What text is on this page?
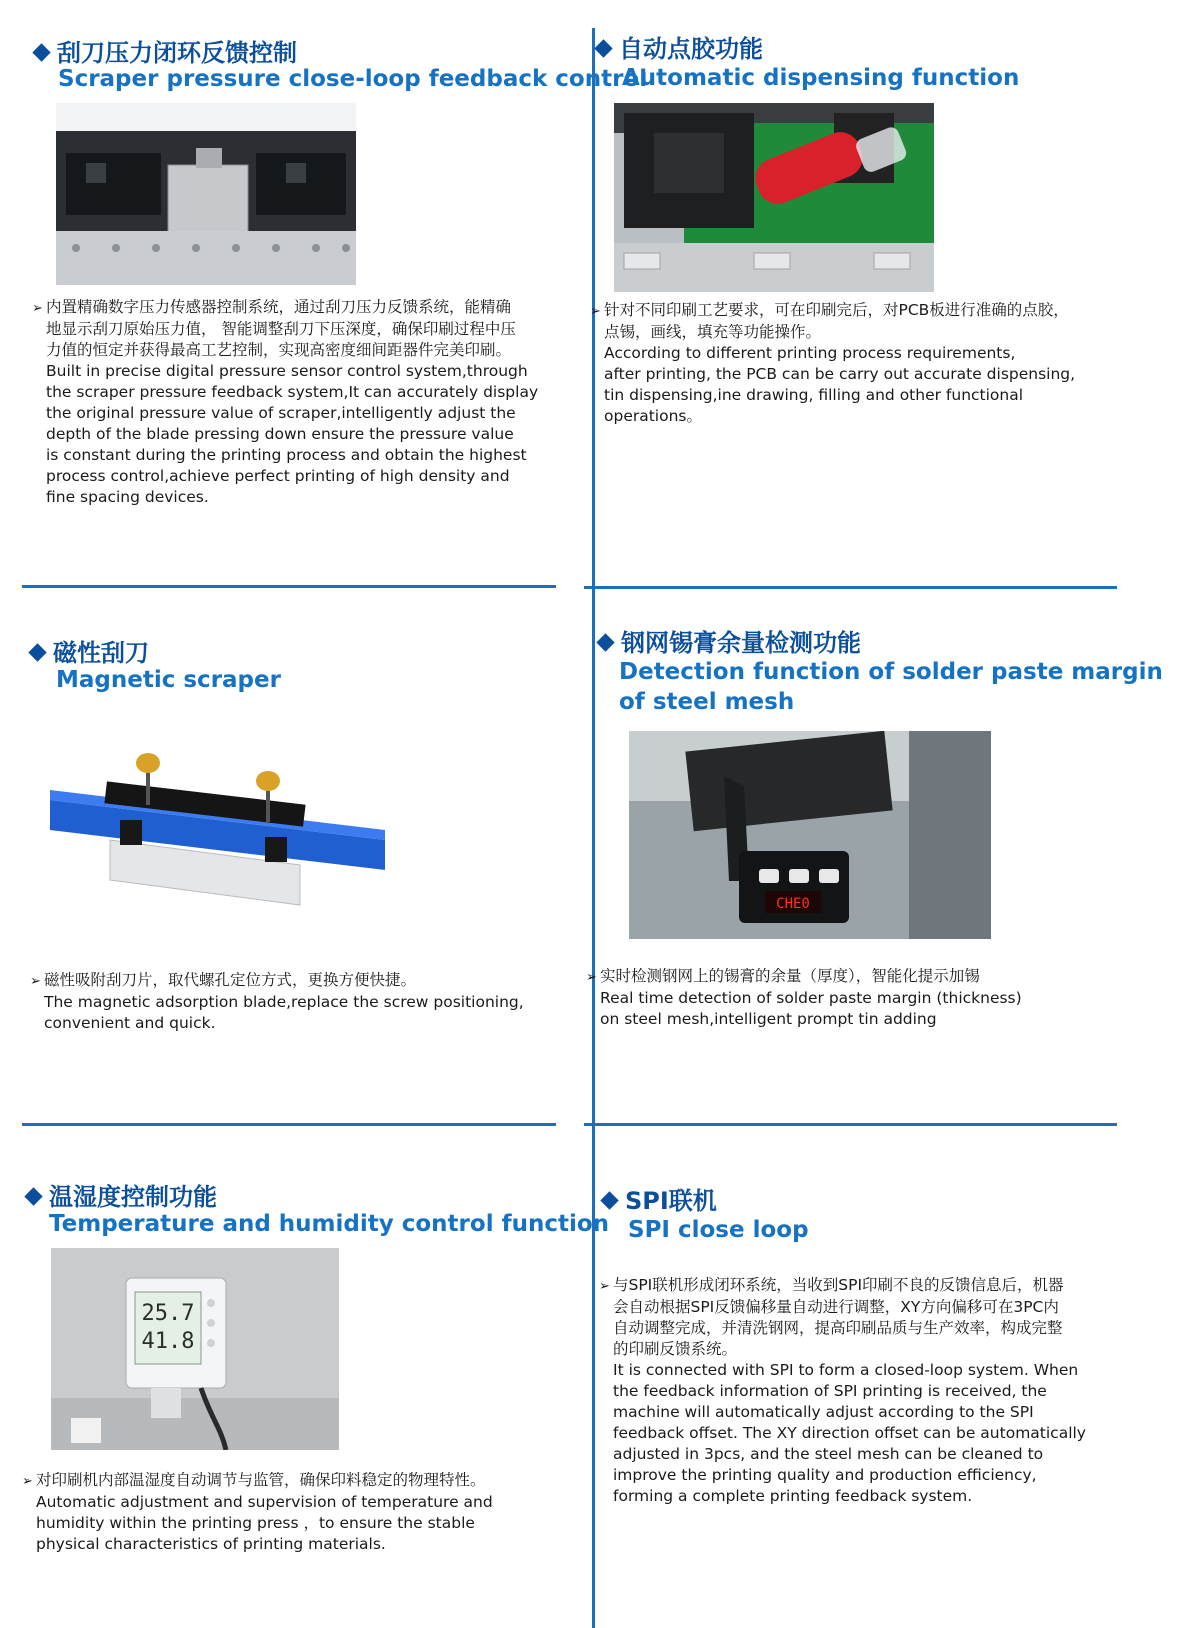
刮刀压力闭环反馈控制
Scraper pressure close-loop feedback control
➢ 内置精确数字压力传感器控制系统，通过刮刀压力反馈系统，能精确
地显示刮刀原始压力值， 智能调整刮刀下压深度，确保印刷过程中压
力值的恒定并获得最高工艺控制，实现高密度细间距器件完美印刷。
Built in precise digital pressure sensor control system,through
the scraper pressure feedback system,It can accurately display
the original pressure value of scraper,intelligently adjust the
depth of the blade pressing down ensure the pressure value
is constant during the printing process and obtain the highest
process control,achieve perfect printing of high density and
fine spacing devices.
自动点胶功能
Automatic dispensing function
➢ 针对不同印刷工艺要求，可在印刷完后，对PCB板进行准确的点胶，
点锡，画线，填充等功能操作。
According to different printing process requirements,
after printing, the PCB can be carry out accurate dispensing,
tin dispensing,ine drawing, filling and other functional
operations。
磁性刮刀
Magnetic scraper
➢ 磁性吸附刮刀片，取代螺孔定位方式，更换方便快捷。
The magnetic adsorption blade,replace the screw positioning,
convenient and quick.
钢网锡膏余量检测功能
Detection function of solder paste margin
of steel mesh
CHE0
➢ 实时检测钢网上的锡膏的余量（厚度），智能化提示加锡
Real time detection of solder paste margin (thickness)
on steel mesh,intelligent prompt tin adding
温湿度控制功能
Temperature and humidity control function
25.7
41.8
➢ 对印刷机内部温湿度自动调节与监管，确保印料稳定的物理特性。
Automatic adjustment and supervision of temperature and
humidity within the printing press ，to ensure the stable
physical characteristics of printing materials.
SPI联机
SPI close loop
➢ 与SPI联机形成闭环系统，当收到SPI印刷不良的反馈信息后，机器
会自动根据SPI反馈偏移量自动进行调整，XY方向偏移可在3PC内
自动调整完成，并清洗钢网，提高印刷品质与生产效率，构成完整
的印刷反馈系统。
It is connected with SPI to form a closed-loop system. When
the feedback information of SPI printing is received, the
machine will automatically adjust according to the SPI
feedback offset. The XY direction offset can be automatically
adjusted in 3pcs, and the steel mesh can be cleaned to
improve the printing quality and production efficiency,
forming a complete printing feedback system.
